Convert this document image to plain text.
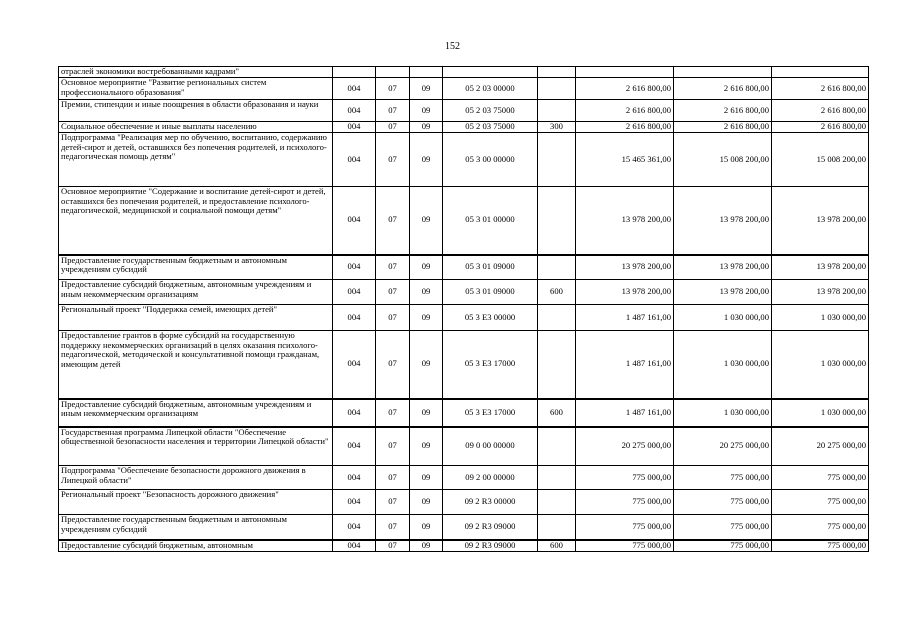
152
отраслей экономики востребованными кадрами"								
Основное мероприятие "Развитие региональных систем профессионального образования"	004	07	09	05 2 03 00000		2 616 800,00	2 616 800,00	2 616 800,00
Премии, стипендии и иные поощрения в области образования и науки	004	07	09	05 2 03 75000		2 616 800,00	2 616 800,00	2 616 800,00
Социальное обеспечение и иные выплаты населению	004	07	09	05 2 03 75000	300	2 616 800,00	2 616 800,00	2 616 800,00
Подпрограмма "Реализация мер по обучению, воспитанию, содержанию детей-сирот и детей, оставшихся без попечения родителей, и психолого-педагогическая помощь детям"	004	07	09	05 3 00 00000		15 465 361,00	15 008 200,00	15 008 200,00
Основное мероприятие "Содержание и воспитание детей-сирот и детей, оставшихся без попечения родителей, и предоставление психолого-педагогической, медицинской и социальной помощи детям"	004	07	09	05 3 01 00000		13 978 200,00	13 978 200,00	13 978 200,00
Предоставление государственным бюджетным и автономным учреждениям субсидий	004	07	09	05 3 01 09000		13 978 200,00	13 978 200,00	13 978 200,00
Предоставление субсидий бюджетным, автономным учреждениям и иным некоммерческим организациям	004	07	09	05 3 01 09000	600	13 978 200,00	13 978 200,00	13 978 200,00
Региональный проект "Поддержка семей, имеющих детей"	004	07	09	05 3 E3 00000		1 487 161,00	1 030 000,00	1 030 000,00
Предоставление грантов в форме субсидий на государственную поддержку некоммерческих организаций в целях оказания психолого-педагогической, методической и консультативной помощи гражданам, имеющим детей	004	07	09	05 3 E3 17000		1 487 161,00	1 030 000,00	1 030 000,00
Предоставление субсидий бюджетным, автономным учреждениям и иным некоммерческим организациям	004	07	09	05 3 E3 17000	600	1 487 161,00	1 030 000,00	1 030 000,00
Государственная программа Липецкой области "Обеспечение общественной безопасности населения и территории Липецкой области"	004	07	09	09 0 00 00000		20 275 000,00	20 275 000,00	20 275 000,00
Подпрограмма "Обеспечение безопасности дорожного движения в Липецкой области"	004	07	09	09 2 00 00000		775 000,00	775 000,00	775 000,00
Региональный проект "Безопасность дорожного движения"	004	07	09	09 2 R3 00000		775 000,00	775 000,00	775 000,00
Предоставление государственным бюджетным и автономным учреждениям субсидий	004	07	09	09 2 R3 09000		775 000,00	775 000,00	775 000,00
Предоставление субсидий бюджетным, автономным	004	07	09	09 2 R3 09000	600	775 000,00	775 000,00	775 000,00
